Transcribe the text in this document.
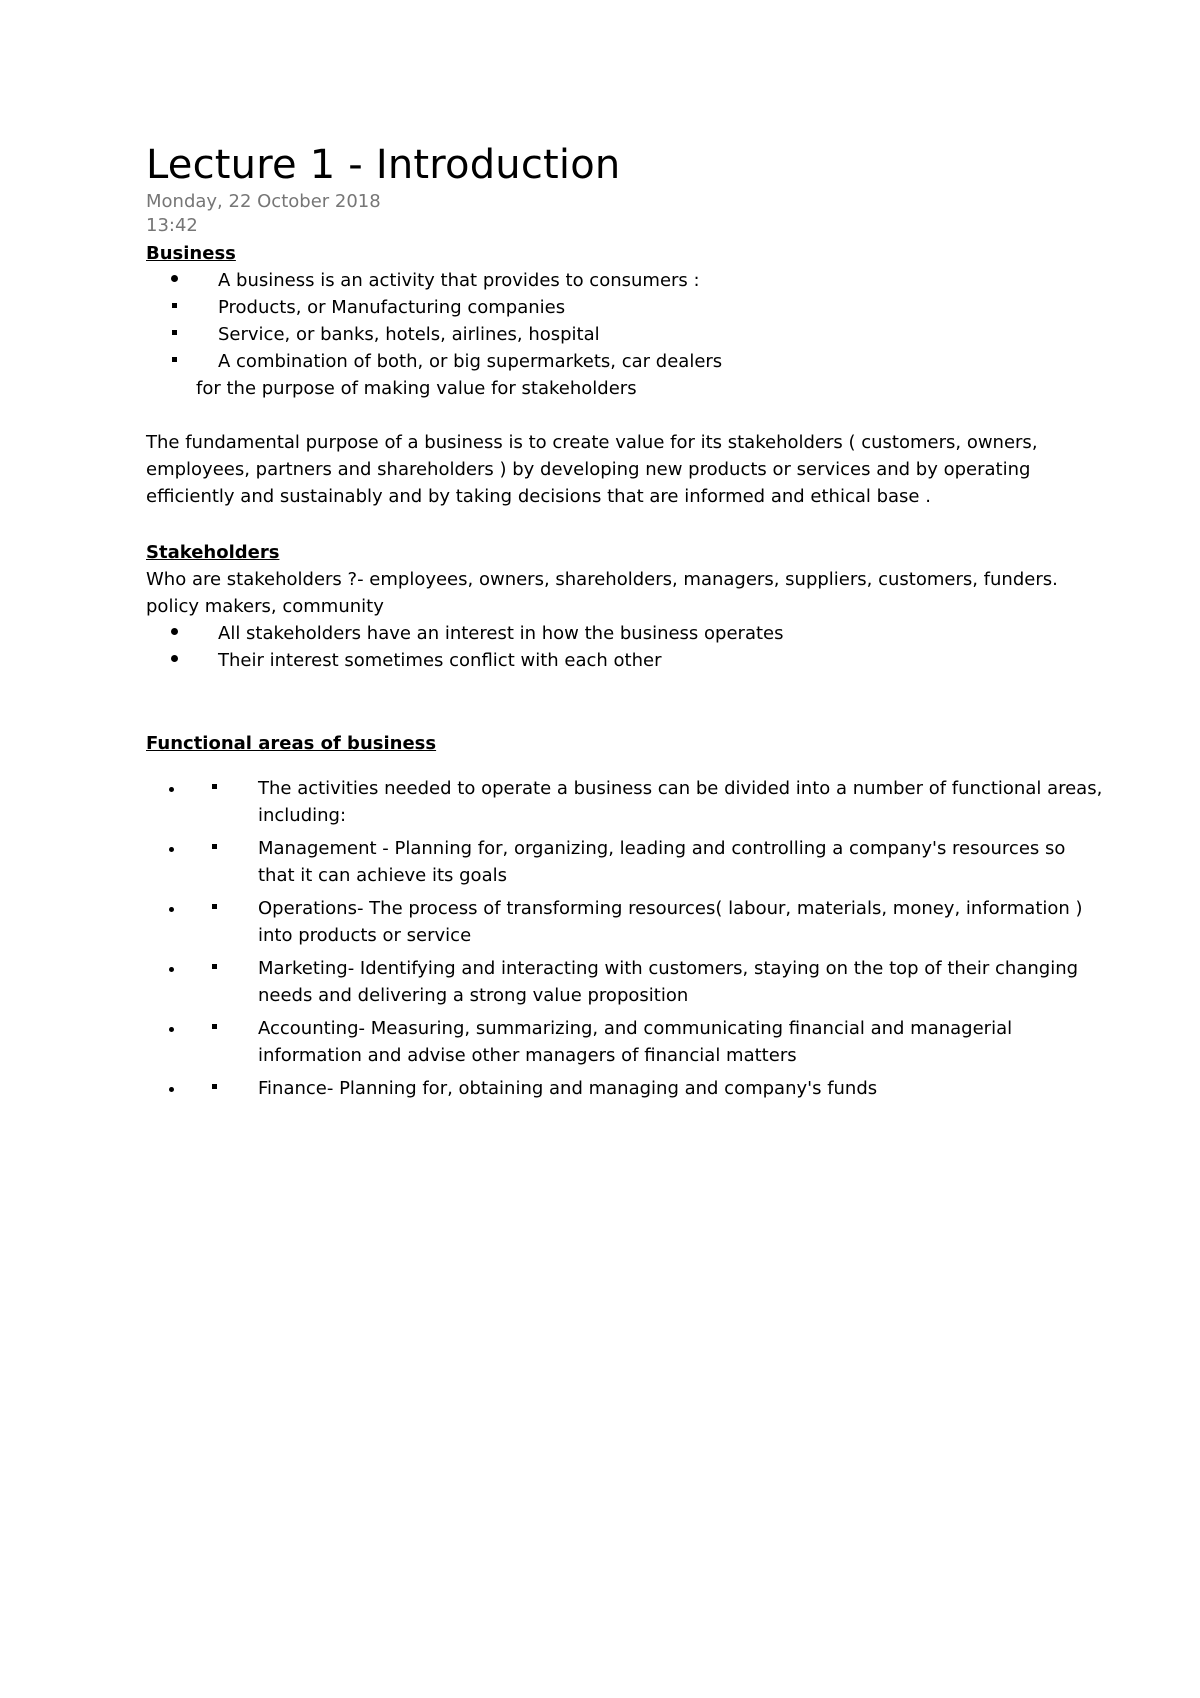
Lecture 1 - Introduction
Monday, 22 October 2018
13:42
Business
A business is an activity that provides to consumers :
Products, or Manufacturing companies
Service, or banks, hotels, airlines, hospital
A combination of both, or big supermarkets, car dealers
for the purpose of making value for stakeholders

The fundamental purpose of a business is to create value for its stakeholders ( customers, owners, employees, partners and shareholders ) by developing new products or services and by operating efficiently and sustainably and by taking decisions that are informed and ethical base .

Stakeholders

Who are stakeholders ?- employees, owners, shareholders, managers, suppliers, customers, funders. policy makers, community

All stakeholders have an interest in how the business operates
Their interest sometimes conflict with each other
Functional areas of business
• The activities needed to operate a business can be divided into a number of functional areas, including:
• Management - Planning for, organizing, leading and controlling a company's resources so that it can achieve its goals
• Operations- The process of transforming resources( labour, materials, money, information ) into products or service
• Marketing- Identifying and interacting with customers, staying on the top of their changing needs and delivering a strong value proposition
• Accounting- Measuring, summarizing, and communicating financial and managerial information and advise other managers of financial matters
• Finance- Planning for, obtaining and managing and company's funds
